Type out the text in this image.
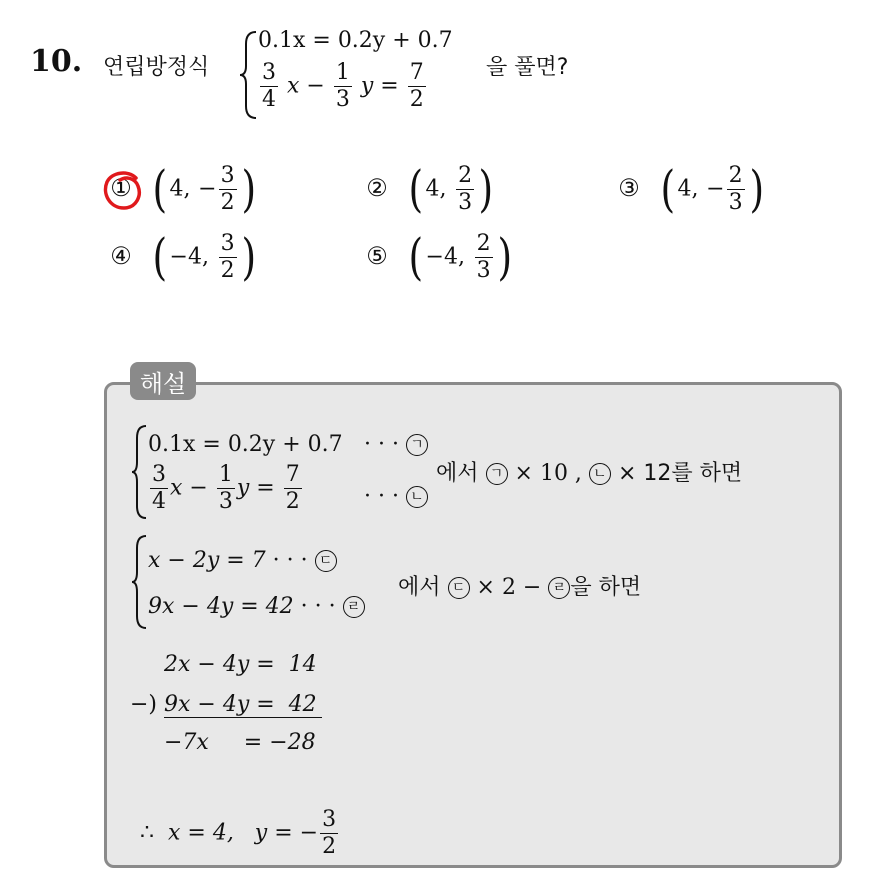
10. 연립방정식
0.1x = 0.2y + 0.7
$\frac{3}{4}$ $x - \frac{1}{3}$ $y = \frac{7}{2}$	을 풀면?
① ( 4, − $\frac{3}{2}$ )	② ( 4, $\frac{2}{3}$ )	③ ( 4, − $\frac{2}{3}$ )
④ ( −4, $\frac{3}{2}$ )	⑤ ( −4, $\frac{2}{3}$ )
해설
0.1x = 0.2y + 0.7 · · · ㄱ
$\frac{3}{4}$ $x - \frac{1}{3}$ $y = \frac{7}{2}$	· · · ㄴ
에서 ㄱ × 10 , ㄴ × 12를 하면
x − 2y = 7 · · · ㄷ
9x − 4y = 42 · · · ㄹ
에서 ㄷ × 2 − ㄹ 을 하면
2x − 4y =  14
−) 9x − 4y =  42
−7x     = −28

∴ x = 4,   y = − $\frac{3}{2}$
